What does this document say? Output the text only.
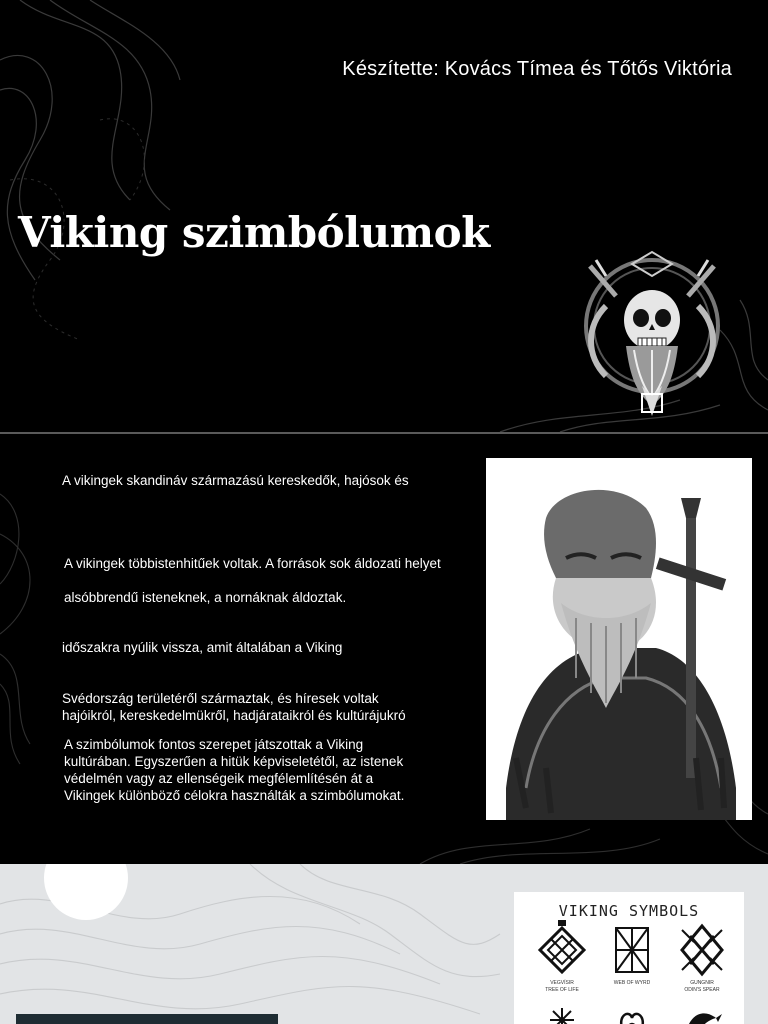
Készítette: Kovács Tímea és Tőtős Viktória
Viking szimbólumok
A vikingek skandináv származású kereskedők, hajósok és
A vikingek többistenhitűek voltak. A források sok áldozati helyet
alsóbbrendű isteneknek, a nornáknak áldoztak.
időszakra nyúlik vissza, amit általában a Viking
Svédország területéről származtak, és híresek voltak
hajóikról, kereskedelmükről, hadjárataikról és kultúrájukró
A szimbólumok fontos szerepet játszottak a Viking
kultúrában. Egyszerűen a hitük képviseletétől, az istenek
védelmén vagy az ellenségeik megfélemlítésén át a
Vikingek különböző célokra használták a szimbólumokat.
VIKING SYMBOLS
VEGVÍSIR
TREE OF LIFE
WEB OF WYRD	GUNGNIR
ODIN'S SPEAR
